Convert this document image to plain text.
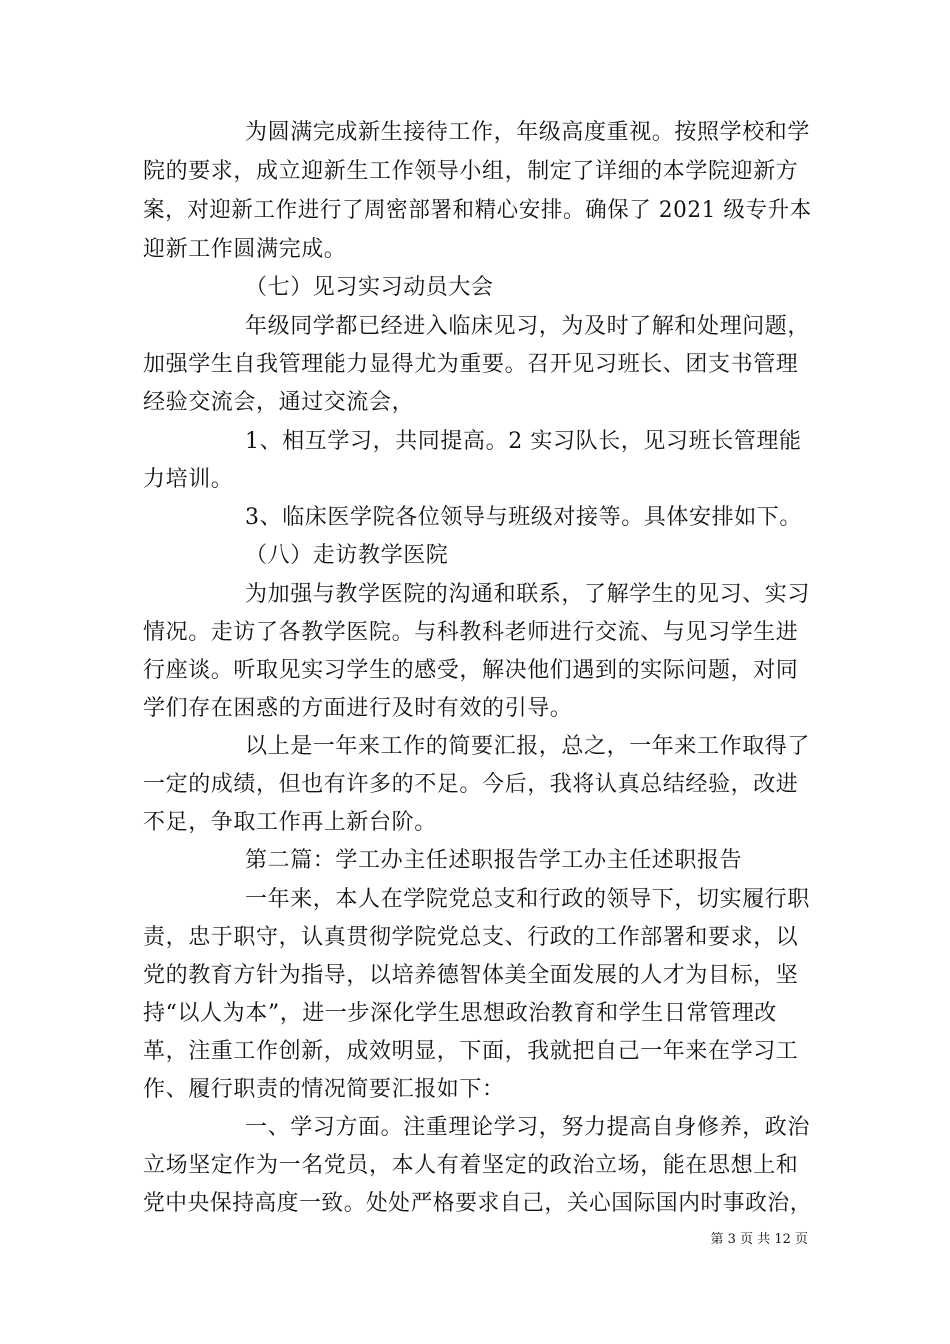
为圆满完成新生接待工作，年级高度重视。按照学校和学
院的要求，成立迎新生工作领导小组，制定了详细的本学院迎新方
案，对迎新工作进行了周密部署和精心安排。确保了 2021 级专升本
迎新工作圆满完成。
（七）见习实习动员大会
年级同学都已经进入临床见习，为及时了解和处理问题，
加强学生自我管理能力显得尤为重要。召开见习班长、团支书管理
经验交流会，通过交流会，
1、相互学习，共同提高。2 实习队长，见习班长管理能
力培训。
3、临床医学院各位领导与班级对接等。具体安排如下。
（八）走访教学医院
为加强与教学医院的沟通和联系，了解学生的见习、实习
情况。走访了各教学医院。与科教科老师进行交流、与见习学生进
行座谈。听取见实习学生的感受，解决他们遇到的实际问题，对同
学们存在困惑的方面进行及时有效的引导。
以上是一年来工作的简要汇报，总之，一年来工作取得了
一定的成绩，但也有许多的不足。今后，我将认真总结经验，改进
不足，争取工作再上新台阶。
第二篇：学工办主任述职报告学工办主任述职报告
一年来，本人在学院党总支和行政的领导下，切实履行职
责，忠于职守，认真贯彻学院党总支、行政的工作部署和要求，以
党的教育方针为指导，以培养德智体美全面发展的人才为目标，坚
持“以人为本”，进一步深化学生思想政治教育和学生日常管理改
革，注重工作创新，成效明显，下面，我就把自己一年来在学习工
作、履行职责的情况简要汇报如下：
一、学习方面。注重理论学习，努力提高自身修养，政治
立场坚定作为一名党员，本人有着坚定的政治立场，能在思想上和
党中央保持高度一致。处处严格要求自己，关心国际国内时事政治，
第 3 页 共 12 页
